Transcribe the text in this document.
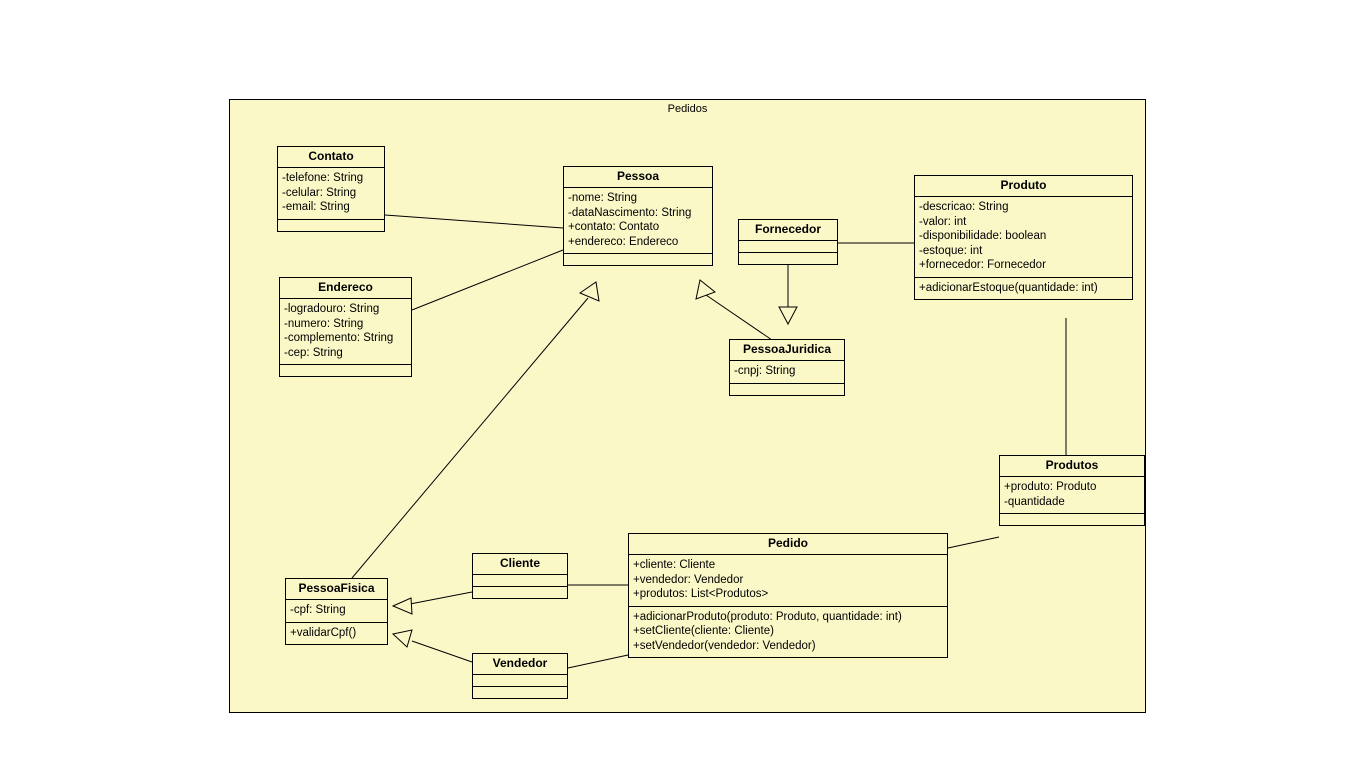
Pedidos
Contato
-telefone: String
-celular: String
-email: String
Endereco
-logradouro: String
-numero: String
-complemento: String
-cep: String
Pessoa
-nome: String
-dataNascimento: String
+contato: Contato
+endereco: Endereco
Fornecedor
Produto
-descricao: String
-valor: int
-disponibilidade: boolean
-estoque: int
+fornecedor: Fornecedor
+adicionarEstoque(quantidade: int)
PessoaJuridica
-cnpj: String
Produtos
+produto: Produto
-quantidade
Cliente
Vendedor
PessoaFisica
-cpf: String
+validarCpf()
Pedido
+cliente: Cliente
+vendedor: Vendedor
+produtos: List<Produtos>
+adicionarProduto(produto: Produto, quantidade: int)
+setCliente(cliente: Cliente)
+setVendedor(vendedor: Vendedor)
